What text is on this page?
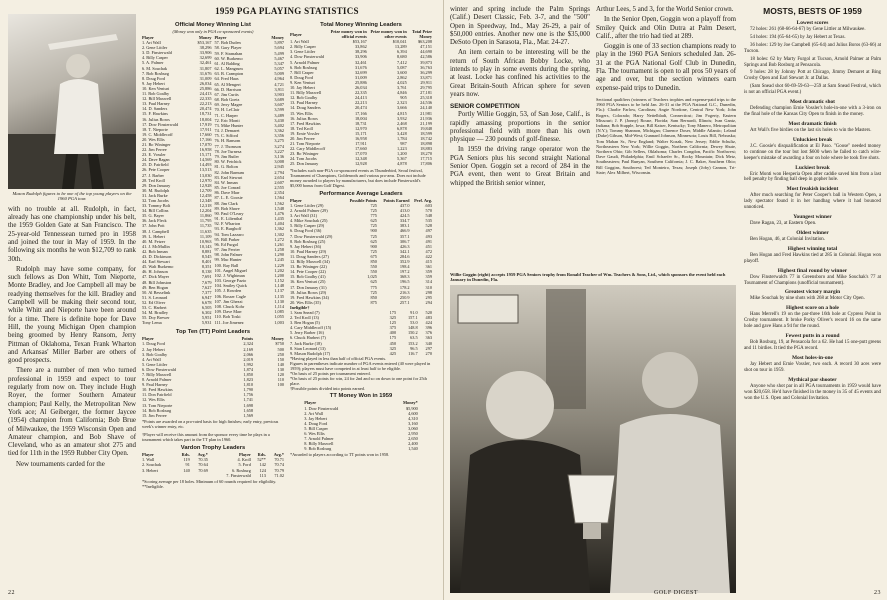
Mason Rudolph figures to be one of the top young players on the 1960 PGA tour.

with no trouble at all. Rudolph, in fact, already has one championship under his belt, the 1959 Golden Gate at San Francisco. The 25-year-old Tennessean turned pro in 1958 and joined the tour in May of 1959. In the following six months he won $12,709 to rank 30th.

Rudolph may have some company, for such fellows as Don Whitt, Tom Nieporte, Monte Bradley, and Joe Campbell all may be readying themselves for the kill. Bradley and Campbell will be making their second tour, while Whitt and Nieporte have been around for a time. There is definite hope for Dave Hill, the young Michigan Open champion being groomed by Henry Ransom, Jerry Pittman of Oklahoma, Texan Frank Wharton and Arkansas' Miller Barber are others of good prospects.

There are a number of men who turned professional in 1959 and expect to tour regularly from now on. They include Hugh Royer, the former Southern Amateur champion; Paul Kelly, the Metropolitan New York ace; Al Geiberger, the former Jaycee (1954) champion from California; Bob Brue of Milwaukee, the 1959 Wisconsin Open and Amateur champion, and Bob Shave of Cleveland, who as an amateur shot 275 and tied for 11th in the 1959 Rubber City Open.

New tournaments carded for the

1959 PGA PLAYING STATISTICS
Official Money Winning List
(Money won only in PGA co-sponsored events)
Player	Money
1. Art Wall	$53,167
2. Gene Littler	38,296
3. D. Finsterwald	33,906
4. Billy Casper	32,699
5. A. Palmer	32,461
6. M. Souchak	31,807
7. Bob Rosburg	31,676
8. Doug Ford	31,009
9. Jay Hebert	26,034
10. Ken Venturi	25,886
11. Bob Goalby	24,413
12. Bill Maxwell	22,335
13. Paul Harney	22,213
14. D. Sanders	20,474
15. F. Hawkins	18,731
16. Julius Boros	18,004
17. Dow Finsterwald	17,919
18. T. Nieporte	17,911
19. C. Middlecoff	17,660
20. Wes Ellis	17,166
21. Bo Wininger	17,070
22. Jim Ferree	16,958
23. E. Vossler	15,171
24. Dave Ragan	14,569
25. D. Fairfield	14,493
26. Pete Cooper	13,513
27. J. Barber	13,030
28. Ted Kroll	12,970
29. Don January	12,928
30. M. Rudolph	12,709
31. Jack Burke	12,458
32. Tom Jacobs	12,348
33. Tommy Bolt	12,318
34. Bill Collins	12,204
35. G. Bayer	11,860
36. Jack Fleck	11,795
37. John Pott	11,735
38. J. Campbell	11,635
39. L. Hebert	11,109
40. M. Fetzer	10,963
41. J. McMullin	10,143
42. Bob Inman	8,881
43. D. Dickinson	8,545
44. Earl Stewart	8,401
45. Walt Burkemo	8,351
46. H. Johnson	8,138
47. Dick Mayer	7,691
48. Bill Johnston	7,679
49. Ben Hogan	7,627
50. Al Besselink	7,377
51. S. Leonard	6,947
52. Ed Oliver	6,678
53. C. Harbert	6,505
54. M. Bradley	6,302
55. Doy Brewer	5,951
Tony Lema	5,931
Player	Money
57. Bob Duden	5,897
58. Gary Player	5,694
59. F. Stranahan	5,499
60. W. Burkemo	5,467
61. Al Balding	5,347
62. L. Mangrum	5,057
63. B. Crampton	5,009
64. Fred Haas	4,964
65. Al Mengert	4,721
66. D. Harrison	3,911
67. Jim Curtis	3,903
68. Bob Goetz	3,689
69. Jerry Magee	3,607
70. H. LeClair	3,599
71. C. Harper	3,489
72. Eric Monti	3,430
73. Mike Hunter	3,402
74. J. Demaret	3,362
75. C. Sifford	3,356
76. H. Ransom	3,275
77. J. Thomson	3,274
78. Joe Turnesa	3,227
79. Jim Butler	3,136
80. W. Fetchick	3,008
81. G. Bolton	2,945
82. John Barnum	2,794
83. Earl Stewart	2,654
84. W. Inman	2,607
85. Joe Conrad	2,555
86. Dave Marr	2,354
87. L. E. Goosie	1,564
88. Jim Clark	1,562
89. Bob Shave	1,548
90. Paul O'Leary	1,476
91. E. Lilienthal	1,435
92. F. Wharton	1,404
93. E. Burghoff	1,362
94. Tom Lazzaro	1,302
95. Bill Parker	1,272
96. Ed Furgol	1,261
97. Jim Ferrier	1,258
98. John Palmer	1,290
99. Mac Hunter	1,245
100. Ray Ball	1,229
101. Angel Miguel	1,202
102. J. Wightman	1,200
103. George Fazio	1,152
104. Smiley Quick	1,148
105. J. Rowden	1,137
106. Rosser Cagle	1,135
107. Jim Ghezzi	1,130
108. Chuck Kohr	1,114
109. Dave Marr	1,085
110. Bob Toski	1,055
111. Joe Jimenez	1,003
Top Ten (TT) Point Leaders
Player	Points	Money
1. Doug Ford	2,324	$750
2. Jay Hebert	2,169	500
3. Bob Goalby	2,066	250
4. Art Wall	2,019	150
5. Gene Littler	1,992	140
6. Dow Finsterwald	1,874	130
7. Billy Maxwell	1,850	120
8. Arnold Palmer	1,823	110
9. Paul Harney	1,810	100
10. Fred Hawkins	1,790	
11. Don Fairfield	1,756	
12. Wes Ellis	1,741	
13. Tom Nieporte	1,698	
14. Bob Rosburg	1,658	
15. Jim Ferree	1,569	
*Points are awarded on a pro-rated basis for high finishes; early entry, previous week's winner entry, etc.
†Player will receive this amount from the sponsor every time he plays in a tournament which takes part in the TT plan in 1960.
Vardon Trophy Leaders
Player	Rds.	Avg.*	Player	Rds.	Avg.*
1. Wall	119	70.35	4. Kroll	52**	70.71
2. Souchak	91	70.64	5. Ford	142	70.74
3. Hebert	140	70.69	6. Rosburg	124	70.79
			7. Finsterwald	113	71.02
*Scoring average per 18 holes. Minimum of 60 rounds required for eligibility. **Ineligible.
Total Money Winning Leaders
Player	Prize money won in official events	Prize money won in other events	Total Prize Money
1. Art Wall	$53,167	$10,041	$63,208
2. Billy Casper	33,862	13,289	47,151
3. Gene Littler	38,296	6,394	44,690
4. Dow Finsterwald	33,906	8,680	42,586
5. Arnold Palmer	32,461	7,412	39,873
6. Bob Rosburg	31,676	5,087	36,763
7. Bill Casper	32,699	3,600	36,299
8. Doug Ford	31,009	2,862	33,871
9. Ken Venturi	25,886	4,025	29,911
10. Jay Hebert	26,034	3,761	29,795
11. Billy Maxwell	22,335	4,846	27,181
12. Bob Goalby	24,413	905	25,318
13. Paul Harney	22,213	2,323	24,536
14. Doug Sanders	20,474	3,666	24,140
15. Wes Ellis	17,166	4,815	21,981
16. Julius Boros	18,004	3,932	21,936
17. Fred Hawkins	18,731	2,468	21,199
18. Ted Kroll	12,970	6,878	19,848
19. Ernie Vossler	15,171	3,428	18,599
20. Jim Ferree	16,958	1,784	18,742
21. Tom Nieporte	17,911	987	18,898
22. Cary Middlecoff	17,660	1,223	18,883
23. Bo Wininger	17,070	1,200	18,270
24. Tom Jacobs	12,348	5,367	17,715
25. Don January	12,928	4,878	17,806
*Includes such non-PGA co-sponsored events as Thunderbird, Seoul festival, Tournament of Champions, Goldenrods and various pro-ams. Does not include money awarded to players by manufacturers, but does include Finsterwald's $5,000 bonus from Golf Digest.
Performance Average Leaders
Player	Possible Points	Points Earned	Perf. Avg.
1. Gene Littler (29)	725	437.0	.603
2. Arnold Palmer (29)	725	413.0	570
3. Art Wall (31)	775	424.5	548
4. Mike Souchak (25)	625	334.7	535
5. Billy Casper (29)	725	383.1	528
6. Doug Ford (36)	900	466.9	497
7. Dow Finsterwald (29)	725	357.1	493
8. Bob Rosburg (25)	625	306.7	491
9. Jay Hebert (36)	900	426.3	451
10. Paul Harney (29)	725	342.1	472
11. Doug Sanders (27)	675	284.6	422
12. Billy Maxwell (34)	850	352.9	415
13. Bo Wininger (22)	550	198.4	361
14. Pete Cooper (22)	550	197.2	359
15. Bob Goalby (41)	1,025	368.3	359
16. Ken Venturi (25)	625	196.5	314
17. Don January (31)	775	178.2	310
18. Julius Boros (29)	725	216.3	298
19. Fred Hawkins (34)	850	250.9	295
20. Wes Ellis (35)	875	257.1	294
Ineligible†
1. Sam Snead (7)	175	91.0	520
2. Ted Kroll (13)	325	157.1	483
3. Ben Hogan (5)	125	53.0	424
4. Cary Middlecoff (15)	375	148.8	396
5. Jerry Barber (16)	400	150.2	376
6. Chuck Harbert (7)	175	63.5	363
7. Jack Burke (18)	450	153.2	340
8. Stan Leonard (13)	325	96.5	297
9. Mason Rudolph (17)	425	116.7	270
*Having played in less than half of official PGA events.
Figures in parentheses indicate number of PGA events entered (40 were played in 1959); players must have competed in at least half to be eligible.
*On basis of 25 points per tournament entered.
*On basis of 25 points for win, 24 for 2nd and so on down to one point for 25th place.
†Possible points divided into points earned.
TT Money Won in 1959
Player	Money*
1. Dow Finsterwald	$5,900
2. Art Wall	4,600
3. Jay Hebert	4,310
4. Doug Ford	3,160
5. Bill Casper	3,060
6. Wes Ellis	2,950
7. Arnold Palmer	2,650
8. Billy Maxwell	2,400
9. Bob Rosburg	1,540
*Awarded to players according to TT points won in 1958.
22

winter and spring include the Palm Springs (Calif.) Desert Classic, Feb. 3-7, and the "500" Open in Speedway, Ind., May 26-29, a pair of $50,000 entries. Another new one is the $35,000 DeSoto Open in Sarasota, Fla., Mar. 24-27.

An item certain to be interesting will be the return of South African Bobby Locke, who intends to play in some events during the spring, at least. Locke has confined his activities to the Great Britain-South African sphere for seven years now.

SENIOR COMPETITION

Portly Willie Goggin, 53, of San Jose, Calif., is rapidly amassing proportions in the senior professional field with more than his own physique — 230 pounds of golf-finesse.

In 1959 the driving range operator won the PGA Seniors plus his second straight National Senior Open. Goggin set a record of 284 in the PGA event, then went to Great Britain and whipped the British senior winner,

Arthur Lees, 5 and 3, for the World Senior crown.

In the Senior Open, Goggin won a playoff from Smiley Quick and Olin Dutra at Palm Desert, Calif., after the trio had tied at 289.

Goggin is one of 33 section champions ready to play in the 1960 PGA Seniors scheduled Jan. 26-31 at the PGA National Golf Club in Dunedin, Fla. The tournament is open to all pros 50 years of age and over, but the section winners earn expense-paid trips to Dunedin.

Sectional qualifiers (winners of Teachers trophies and expense-paid trips to the 1960 PGA Seniors to be held Jan. 26-31 at the PGA National G.C., Dunedin, Fla.): Charlie Farlow, Carolinas; Angie Nordone, Central New York; John Rogers, Colorado; Harry Nettelbladt, Connecticut; Jim Fogerty, Eastern Missouri; J. P. (Jonny) Rouse, Florida; Sam Bernardi, Illinois; Ivan Gantz, Indiana; Bob Stupple, Iowa; Bill Kaiser, Kentucky; Tony Manero, Metropolitan (N.Y.); Tommy Shannon, Michigan; Clarence Doser, Middle Atlantic; Leland (Duke) Gibson, Mid-West; Gunnard Johnson, Minnesota; Louis Bill, Nebraska; Tom Mahan Sr., New England; Walter Kozak, New Jersey; Eddie Schultz, Northeastern New York; Willie Goggin, Northern California; Dewey Shute, Northern Ohio; Gib Sellers, Oklahoma; Charles Congdon, Pacific Northwest; Dave Gaudi, Philadelphia; Emil Schaefer Sr., Rocky Mountain; Dick Metz, Southeastern; Paul Runyan, Southern California; J. C. Baker, Southern Ohio; Bill Goggins, Southwest; Ted Monteiro, Texas; Joseph (Joby) Cannon, Tri-State; Alex Milbert, Wisconsin.
Willie Goggin (right) accepts 1959 PGA Seniors trophy from Ronald Teacher of Wm. Teachers & Sons, Ltd., which sponsors the event held each January in Dunedin, Fla.
MOSTS, BESTS OF 1959
Lowest scores
72 holes: 261 (68-66-64-67) by Gene Littler at Milwaukee.
54 holes: 194 (65-64-65) by Jay Hebert at Texas.
36 holes: 129 by Joe Campbell (65-64) and Julius Boros (63-66) at Tucson.
18 holes: 62 by Marty Furgol at Tucson, Arnold Palmer at Palm Springs and Bob Rosburg at Pensacola.
9 holes: 28 by Johnny Pott at Chicago, Jimmy Demaret at Bing Crosby Open and Earl Stewart Jr. at Dallas.
(Sam Snead shot 60-69-59-63—259 at Sam Snead Festival, which is not an official PGA event.)
Most dramatic shot
Defending champion Ernie Vossler's hole-in-one with a 3-iron on the final hole of the Kansas City Open to finish in the money.
Most dramatic finish
Art Wall's five birdies on the last six holes to win the Masters.
Unluckiest break
J.C. Goosie's disqualification at El Paso. "Goose" needed money to continue on the tour but lost $600 when he failed to catch wire-keeper's mistake of awarding a four on hole where he took five shots.
Luckiest break
Eric Monti won Hesperia Open after caddie saved him from a last hell penalty by finding ball deep in gopher hole.
Most freakish incident
After much searching for Peter Cooper's ball in Western Open, a lady spectator found it in her handbag where it had bounced unnoticed.
Youngest winner
Dave Ragan, 23, at Eastern Open.
Oldest winner
Ben Hogan, 46, at Colonial Invitation.
Highest winning total
Ben Hogan and Fred Hawkins tied at 285 in Colonial. Hogan won playoff.
Highest final round by winner
Dow Finsterwald's 77 in Greensboro and Mike Souchak's 77 at Tournament of Champions (unofficial tournament).
Greatest victory margin
Mike Souchak by nine shots with 268 at Motor City Open.
Highest score on a hole
Hans Merrell's 19 on the par-three 16th hole at Cypress Point in Crosby tournament. It broke Porky Oliver's record 16 on the same hole and gave Hans a 94 for the round.
Fewest putts in a round
Bob Rosburg, 19, at Pensacola for a 62. He had 15 one-putt greens and 11 birdies. It tied the PGA record.
Most holes-in-one
Jay Hebert and Ernie Vossler, two each. A record 30 aces were shot on tour in 1959.
Mythical par shooter
Anyone who shot par in all PGA tournaments in 1959 would have won $20,658. He'd have finished in the money in 35 of 45 events and won the U.S. Open and Colonial Invitation.
GOLF DIGEST	23
